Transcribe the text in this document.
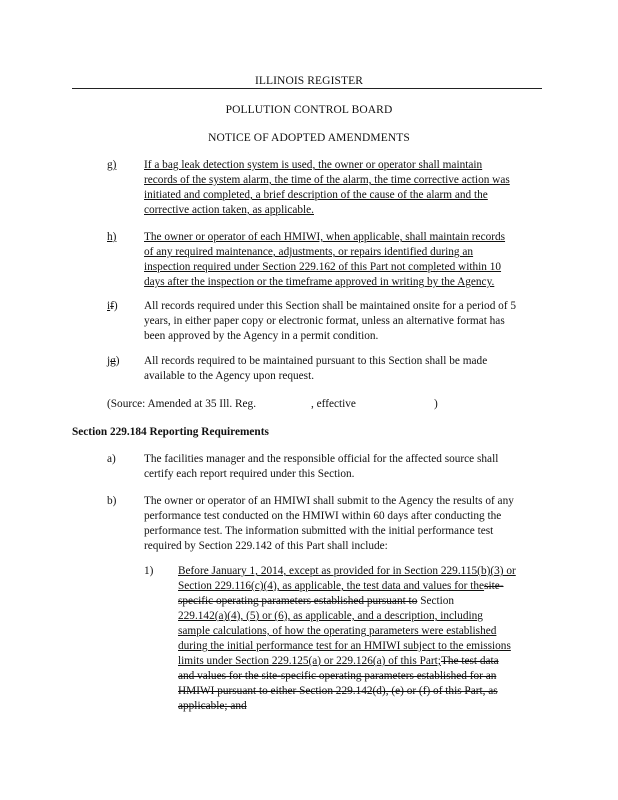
ILLINOIS REGISTER
POLLUTION CONTROL BOARD
NOTICE OF ADOPTED AMENDMENTS
g)	If a bag leak detection system is used, the owner or operator shall maintain
records of the system alarm, the time of the alarm, the time corrective action was
initiated and completed, a brief description of the cause of the alarm and the
corrective action taken, as applicable.
h)	The owner or operator of each HMIWI, when applicable, shall maintain records
of any required maintenance, adjustments, or repairs identified during an
inspection required under Section 229.162 of this Part not completed within 10
days after the inspection or the timeframe approved in writing by the Agency.
if)	All records required under this Section shall be maintained onsite for a period of 5
years, in either paper copy or electronic format, unless an alternative format has
been approved by the Agency in a permit condition.
jg)	All records required to be maintained pursuant to this Section shall be made
available to the Agency upon request.
(Source: Amended at 35 Ill. Reg.	, effective	)
Section 229.184 Reporting Requirements
a)	The facilities manager and the responsible official for the affected source shall
certify each report required under this Section.
b)	The owner or operator of an HMIWI shall submit to the Agency the results of any
performance test conducted on the HMIWI within 60 days after conducting the
performance test. The information submitted with the initial performance test
required by Section 229.142 of this Part shall include:
1)	Before January 1, 2014, except as provided for in Section 229.115(b)(3) or
Section 229.116(c)(4), as applicable, the test data and values for thesite-
specific operating parameters established pursuant to Section
229.142(a)(4), (5) or (6), as applicable, and a description, including
sample calculations, of how the operating parameters were established
during the initial performance test for an HMIWI subject to the emissions
limits under Section 229.125(a) or 229.126(a) of this Part;The test data
and values for the site-specific operating parameters established for an
HMIWI pursuant to either Section 229.142(d), (e) or (f) of this Part, as
applicable; and
